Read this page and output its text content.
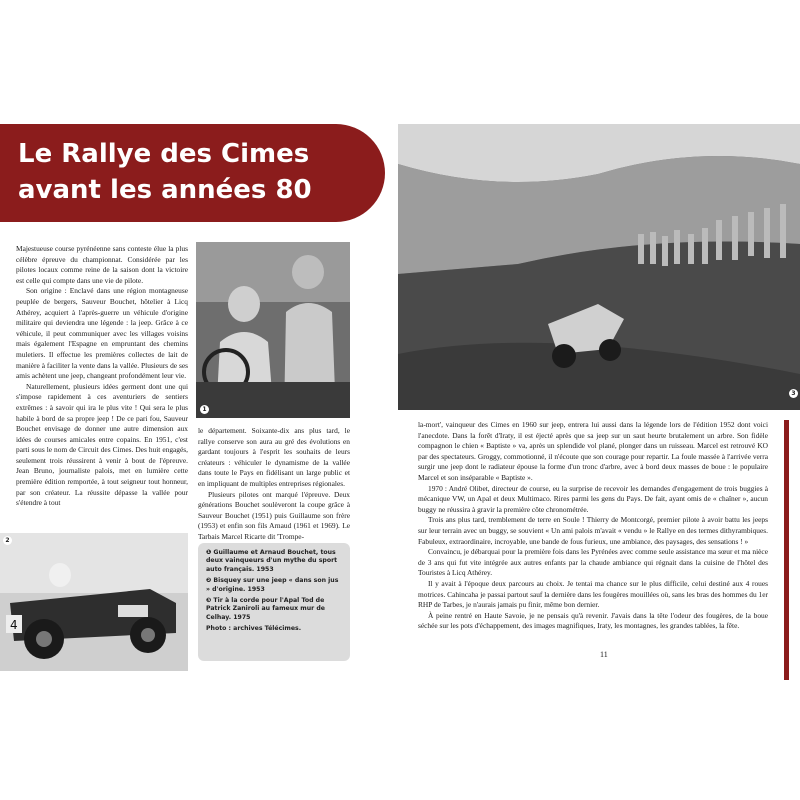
Le Rallye des Cimes
avant les années 80

Majestueuse course pyrénéenne sans conteste élue la plus célèbre épreuve du championnat. Considérée par les pilotes locaux comme reine de la saison dont la victoire est celle qui compte dans une vie de pilote.

Son origine : Enclavé dans une région montagneuse peuplée de bergers, Sauveur Bouchet, hôtelier à Licq Athérey, acquiert à l'après-guerre un véhicule d'origine militaire qui deviendra une légende : la jeep. Grâce à ce véhicule, il peut communiquer avec les villages voisins mais également l'Espagne en empruntant des chemins muletiers. Il effectue les premières collectes de lait de manière à faciliter la vente dans la vallée. Plusieurs de ses amis achètent une jeep, changeant profondément leur vie.

Naturellement, plusieurs idées germent dont une qui s'impose rapidement à ces aventuriers de sentiers extrêmes : à savoir qui ira le plus vite ! Qui sera le plus habile à bord de sa propre jeep ! De ce pari fou, Sauveur Bouchet envisage de donner une autre dimension aux idées de courses amicales entre copains. En 1951, c'est parti sous le nom de Circuit des Cimes. Des huit engagés, seulement trois réussirent à venir à bout de l'épreuve. Jean Bruno, journaliste palois, met en lumière cette première édition remportée, à tout seigneur tout honneur, par son créateur. La réussite dépasse la vallée pour s'étendre à tout

1

le département. Soixante-dix ans plus tard, le rallye conserve son aura au gré des évolutions en gardant toujours à l'esprit les souhaits de leurs créateurs : véhiculer le dynamisme de la vallée dans toute le Pays en fidélisant un large public et en impliquant de multiples entreprises régionales.

Plusieurs pilotes ont marqué l'épreuve. Deux générations Bouchet soulèveront la coupe grâce à Sauveur Bouchet (1951) puis Guillaume son frère (1953) et enfin son fils Arnaud (1961 et 1969). Le Tarbais Marcel Ricarte dit 'Trompe-

4
2
❶ Guillaume et Arnaud Bouchet, tous deux vainqueurs d'un mythe du sport auto français. 1953
❷ Bisquey sur une jeep « dans son jus » d'origine. 1953
❸ Tir à la corde pour l'Apal Tod de Patrick Zaniroli au fameux mur de Celhay. 1975
Photo : archives Télécimes.
3

la-mort', vainqueur des Cimes en 1960 sur jeep, entrera lui aussi dans la légende lors de l'édition 1952 dont voici l'anecdote. Dans la forêt d'Iraty, il est éjecté après que sa jeep sur un saut heurte brutalement un arbre. Son fidèle compagnon le chien « Baptiste » va, après un splendide vol plané, plonger dans un ruisseau. Marcel est retrouvé KO par des spectateurs. Groggy, commotionné, il n'écoute que son courage pour repartir. La foule massée à l'arrivée verra surgir une jeep dont le radiateur épouse la forme d'un tronc d'arbre, avec à bord deux masses de boue : le populaire Marcel et son inséparable « Baptiste ».

1970 : André Olibet, directeur de course, eu la surprise de recevoir les demandes d'engagement de trois buggies à mécanique VW, un Apal et deux Multimaco. Rires parmi les gens du Pays. De fait, ayant omis de « chaîner », aucun buggy ne réussira à gravir la première côte chronométrée.

Trois ans plus tard, tremblement de terre en Soule ! Thierry de Montcorgé, premier pilote à avoir battu les jeeps sur leur terrain avec un buggy, se souvient « Un ami palois m'avait « vendu » le Rallye en des termes dithyrambiques. Fabuleux, extraordinaire, incroyable, une bande de fous furieux, une ambiance, des paysages, des sensations ! »

Convaincu, je débarquai pour la première fois dans les Pyrénées avec comme seule assistance ma sœur et ma nièce de 3 ans qui fut vite intégrée aux autres enfants par la chaude ambiance qui régnait dans la cuisine de l'hôtel des Touristes à Licq Athérey.

Il y avait à l'époque deux parcours au choix. Je tentai ma chance sur le plus difficile, celui destiné aux 4 roues motrices. Cahincaha je passai partout sauf la dernière dans les fougères mouillées où, sans les bras des hommes du 1er RHP de Tarbes, je n'aurais jamais pu finir, même bon dernier.

À peine rentré en Haute Savoie, je ne pensais qu'à revenir. J'avais dans la tête l'odeur des fougères, de la boue séchée sur les pots d'échappement, des images magnifiques, Iraty, les montagnes, les grandes tablées, la fête.

11
